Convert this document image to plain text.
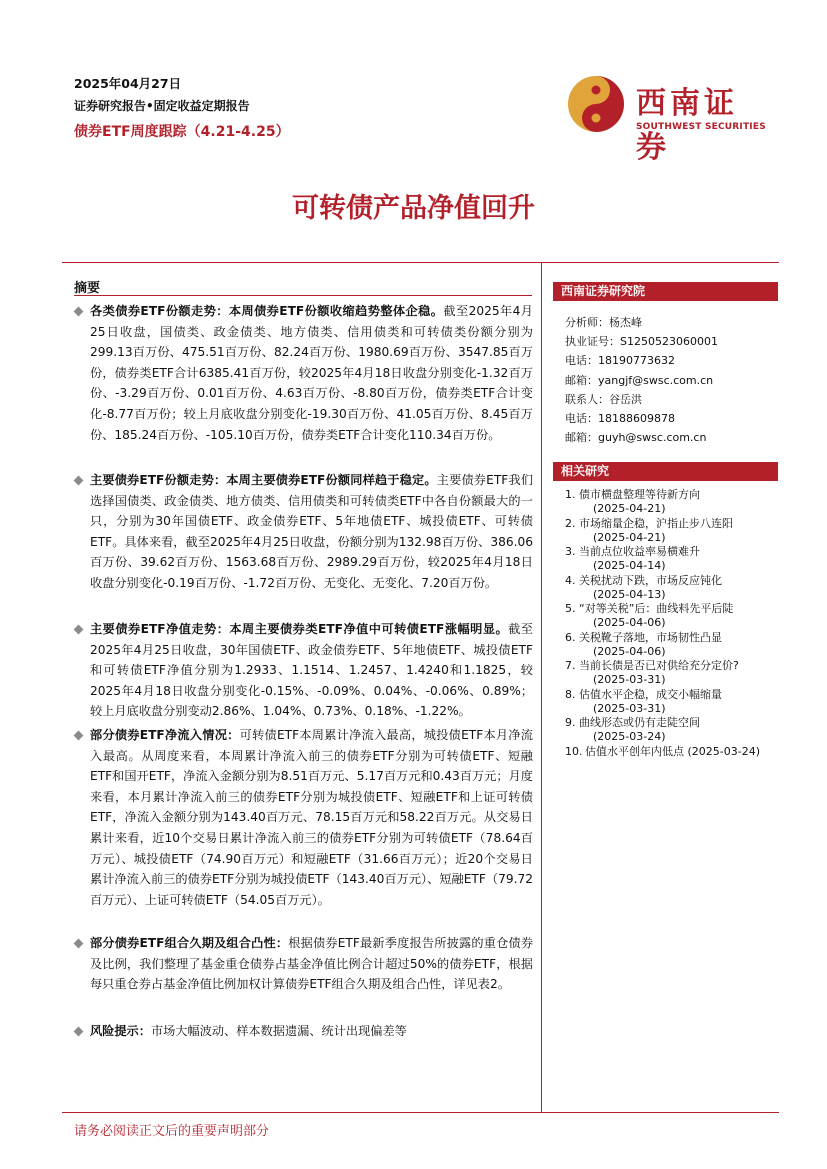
2025年04月27日
证券研究报告•固定收益定期报告
债券ETF周度跟踪（4.21-4.25）
西南证券
SOUTHWEST SECURITIES
可转债产品净值回升
摘要
各类债券ETF份额走势：本周债券ETF份额收缩趋势整体企稳。截至2025年4月25日收盘，国债类、政金债类、地方债类、信用债类和可转债类份额分别为299.13百万份、475.51百万份、82.24百万份、1980.69百万份、3547.85百万份，债券类ETF合计6385.41百万份，较2025年4月18日收盘分别变化-1.32百万份、-3.29百万份、0.01百万份、4.63百万份、-8.80百万份，债券类ETF合计变化-8.77百万份；较上月底收盘分别变化-19.30百万份、41.05百万份、8.45百万份、185.24百万份、-105.10百万份，债券类ETF合计变化110.34百万份。
主要债券ETF份额走势：本周主要债券ETF份额同样趋于稳定。主要债券ETF我们选择国债类、政金债类、地方债类、信用债类和可转债类ETF中各自份额最大的一只，分别为30年国债ETF、政金债券ETF、5年地债ETF、城投债ETF、可转债ETF。具体来看，截至2025年4月25日收盘，份额分别为132.98百万份、386.06百万份、39.62百万份、1563.68百万份、2989.29百万份，较2025年4月18日收盘分别变化-0.19百万份、-1.72百万份、无变化、无变化、7.20百万份。
主要债券ETF净值走势：本周主要债券类ETF净值中可转债ETF涨幅明显。截至2025年4月25日收盘，30年国债ETF、政金债券ETF、5年地债ETF、城投债ETF和可转债ETF净值分别为1.2933、1.1514、1.2457、1.4240和1.1825，较2025年4月18日收盘分别变化-0.15%、-0.09%、0.04%、-0.06%、0.89%；较上月底收盘分别变动2.86%、1.04%、0.73%、0.18%、-1.22%。
部分债券ETF净流入情况：可转债ETF本周累计净流入最高，城投债ETF本月净流入最高。从周度来看，本周累计净流入前三的债券ETF分别为可转债ETF、短融ETF和国开ETF，净流入金额分别为8.51百万元、5.17百万元和0.43百万元；月度来看，本月累计净流入前三的债券ETF分别为城投债ETF、短融ETF和上证可转债ETF，净流入金额分别为143.40百万元、78.15百万元和58.22百万元。从交易日累计来看，近10个交易日累计净流入前三的债券ETF分别为可转债ETF（78.64百万元）、城投债ETF（74.90百万元）和短融ETF（31.66百万元）；近20个交易日累计净流入前三的债券ETF分别为城投债ETF（143.40百万元）、短融ETF（79.72百万元）、上证可转债ETF（54.05百万元）。
部分债券ETF组合久期及组合凸性：根据债券ETF最新季度报告所披露的重仓债券及比例，我们整理了基金重仓债券占基金净值比例合计超过50%的债券ETF，根据每只重仓券占基金净值比例加权计算债券ETF组合久期及组合凸性，详见表2。
风险提示：市场大幅波动、样本数据遗漏、统计出现偏差等
西南证券研究院
分析师：杨杰峰
执业证号：S1250523060001
电话：18190773632
邮箱：yangjf@swsc.com.cn
联系人：谷岳洪
电话：18188609878
邮箱：guyh@swsc.com.cn
相关研究
1. 债市横盘整理等待新方向
(2025-04-21)
2. 市场缩量企稳，沪指止步八连阳
(2025-04-21)
3. 当前点位收益率易横难升
(2025-04-14)
4. 关税扰动下跌，市场反应钝化
(2025-04-13)
5. “对等关税”后：曲线料先平后陡
(2025-04-06)
6. 关税靴子落地，市场韧性凸显
(2025-04-06)
7. 当前长债是否已对供给充分定价?
(2025-03-31)
8. 估值水平企稳，成交小幅缩量
(2025-03-31)
9. 曲线形态或仍有走陡空间
(2025-03-24)
10. 估值水平创年内低点 (2025-03-24)
请务必阅读正文后的重要声明部分
